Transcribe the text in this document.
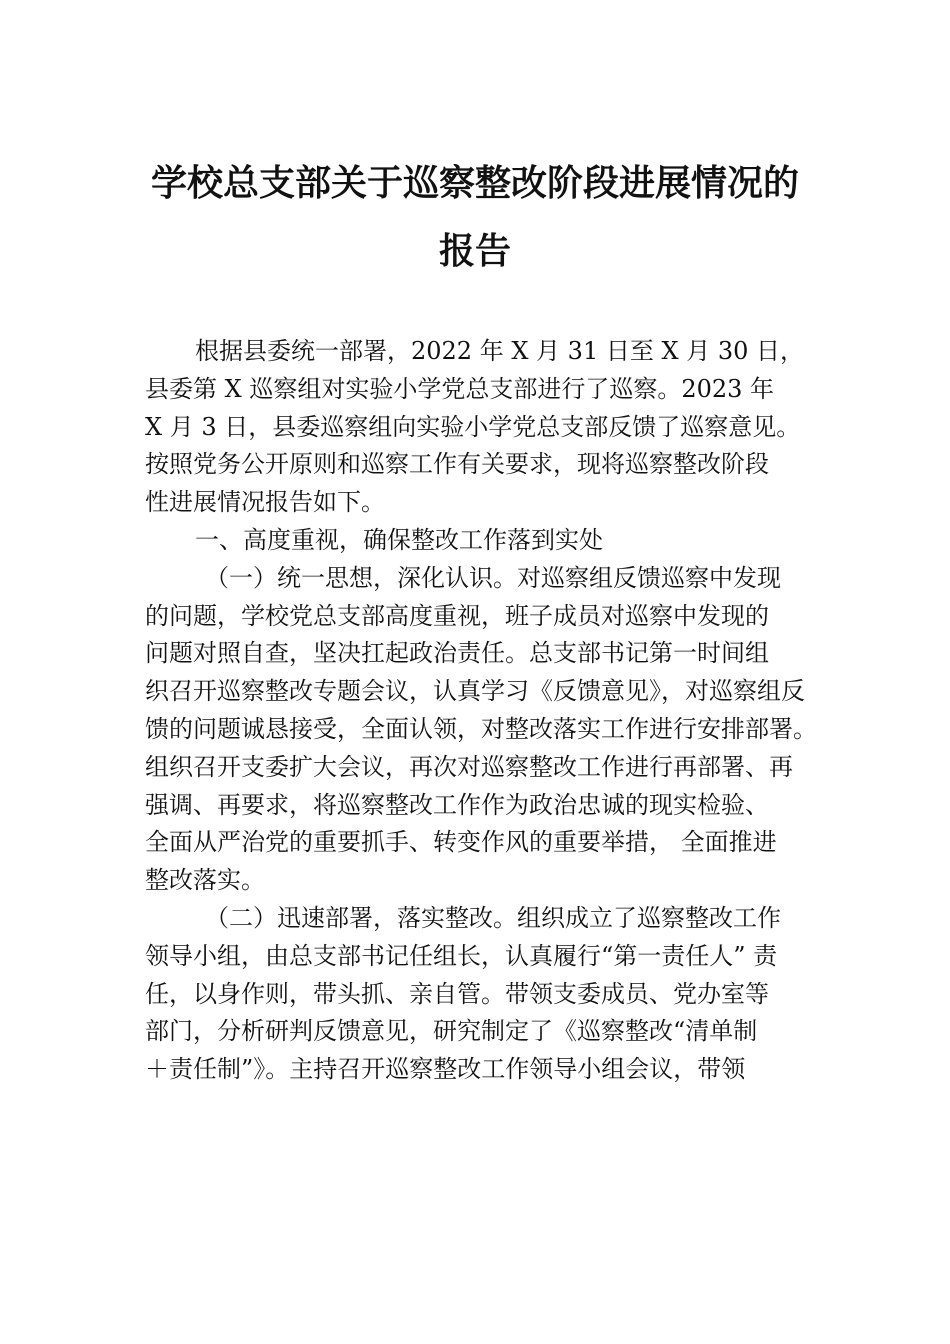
学校总支部关于巡察整改阶段进展情况的
报告
根据县委统一部署，2022 年 X 月 31 日至 X 月 30 日，
县委第 X 巡察组对实验小学党总支部进行了巡察。2023 年
X 月 3 日，县委巡察组向实验小学党总支部反馈了巡察意见。
按照党务公开原则和巡察工作有关要求，现将巡察整改阶段
性进展情况报告如下。
一、高度重视，确保整改工作落到实处
（一）统一思想，深化认识。对巡察组反馈巡察中发现
的问题，学校党总支部高度重视，班子成员对巡察中发现的
问题对照自查，坚决扛起政治责任。总支部书记第一时间组
织召开巡察整改专题会议，认真学习《反馈意见》，对巡察组反
馈的问题诚恳接受，全面认领，对整改落实工作进行安排部署。
组织召开支委扩大会议，再次对巡察整改工作进行再部署、再
强调、再要求，将巡察整改工作作为政治忠诚的现实检验、
全面从严治党的重要抓手、转变作风的重要举措， 全面推进
整改落实。
（二）迅速部署，落实整改。组织成立了巡察整改工作
领导小组，由总支部书记任组长，认真履行“第一责任人” 责
任，以身作则，带头抓、亲自管。带领支委成员、党办室等
部门，分析研判反馈意见，研究制定了《巡察整改“清单制
＋责任制”》。主持召开巡察整改工作领导小组会议，带领
